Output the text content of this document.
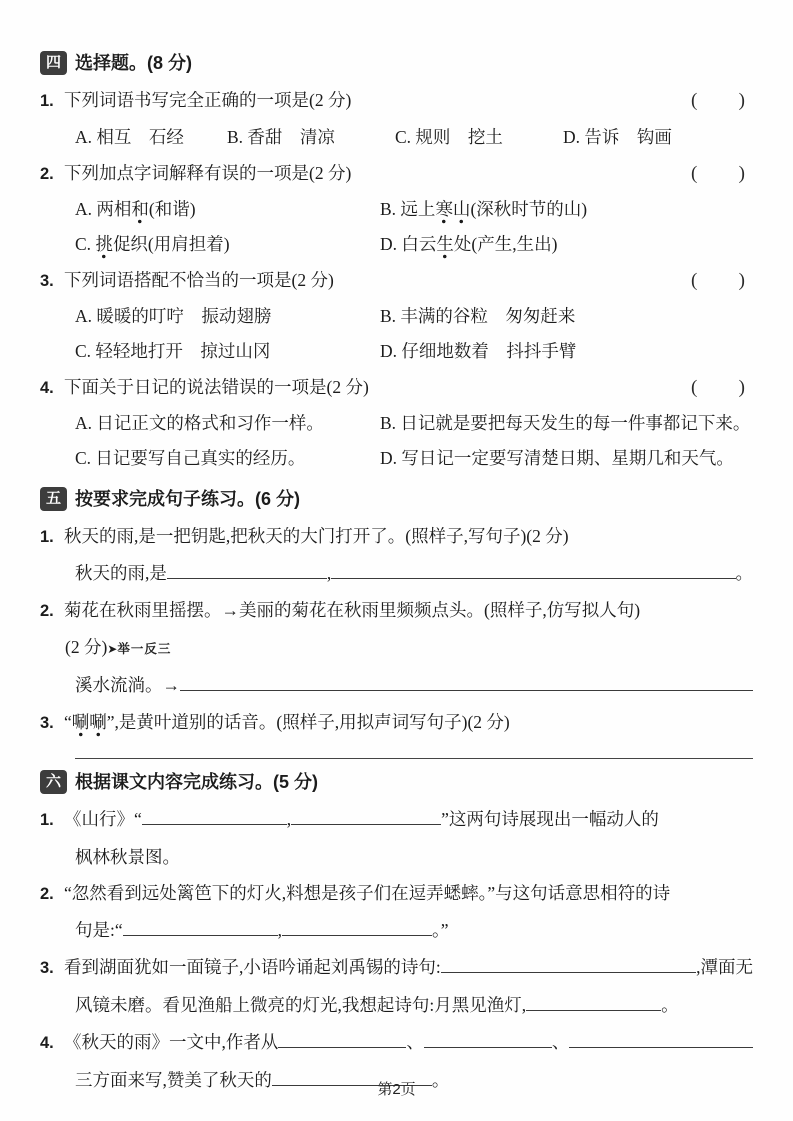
四 选择题。(8 分)
1. 下列词语书写完全正确的一项是(2 分)	( )
A. 相互　石经	B. 香甜　清凉	C. 规则　挖土	D. 告诉　钩画
2. 下列加点字词解释有误的一项是(2 分)	( )
A. 两相和(和谐)	B. 远上寒山(深秋时节的山)
C. 挑促织(用肩担着)	D. 白云生处(产生,生出)
3. 下列词语搭配不恰当的一项是(2 分)	( )
A. 暖暖的叮咛　振动翅膀	B. 丰满的谷粒　匆匆赶来
C. 轻轻地打开　掠过山冈	D. 仔细地数着　抖抖手臂
4. 下面关于日记的说法错误的一项是(2 分)	( )
A. 日记正文的格式和习作一样。	B. 日记就是要把每天发生的每一件事都记下来。
C. 日记要写自己真实的经历。	D. 写日记一定要写清楚日期、星期几和天气。
五 按要求完成句子练习。(6 分)
1. 秋天的雨,是一把钥匙,把秋天的大门打开了。(照样子,写句子)(2 分)
秋天的雨,是	,	。
2. 菊花在秋雨里摇摆。→美丽的菊花在秋雨里频频点头。(照样子,仿写拟人句)
(2 分)➤举一反三
溪水流淌。→
3. “唰唰”,是黄叶道别的话音。(照样子,用拟声词写句子)(2 分)
六 根据课文内容完成练习。(5 分)
1. 《山行》“	,	”这两句诗展现出一幅动人的
枫林秋景图。
2. “忽然看到远处篱笆下的灯火,料想是孩子们在逗弄蟋蟀。”与这句话意思相符的诗
句是:“	,	。”
3. 看到湖面犹如一面镜子,小语吟诵起刘禹锡的诗句:	,潭面无
风镜未磨。看见渔船上微亮的灯光,我想起诗句:月黑见渔灯,	。
4. 《秋天的雨》一文中,作者从	、	、
三方面来写,赞美了秋天的	。
第2页
